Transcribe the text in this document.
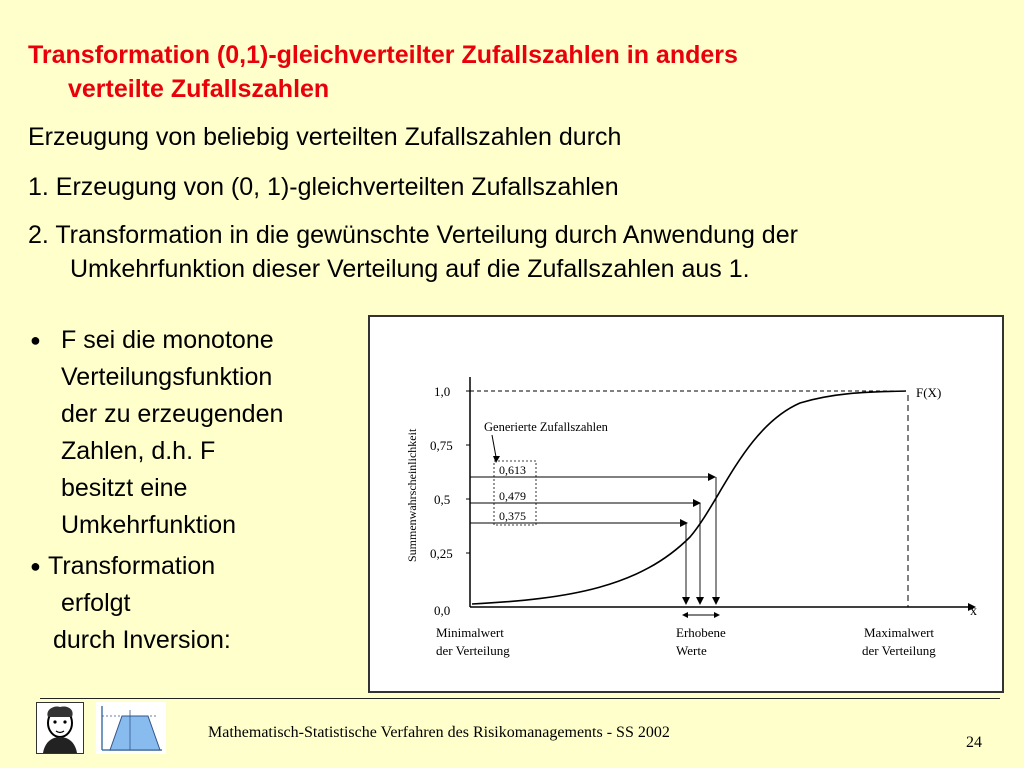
Transformation (0,1)-gleichverteilter Zufallszahlen in anders
verteilte Zufallszahlen

Erzeugung von beliebig verteilten Zufallszahlen durch

1. Erzeugung von (0, 1)-gleichverteilten Zufallszahlen

2. Transformation in die gewünschte Verteilung durch Anwendung der
Umkehrfunktion dieser Verteilung auf die Zufallszahlen aus 1.

● F sei die monotone
Verteilungsfunktion
der zu erzeugenden
Zahlen, d.h. F
besitzt eine
Umkehrfunktion
● Transformation
erfolgt
durch Inversion:
1,0
0,75
0,5
0,25
0,0
Summenwahrscheinlichkeit
F(X)
x
Generierte Zufallszahlen
0,613
0,479
0,375
Minimalwert
der Verteilung
Erhobene
Werte
Maximalwert
der Verteilung
Mathematisch-Statistische Verfahren des Risikomanagements - SS 2002
24
